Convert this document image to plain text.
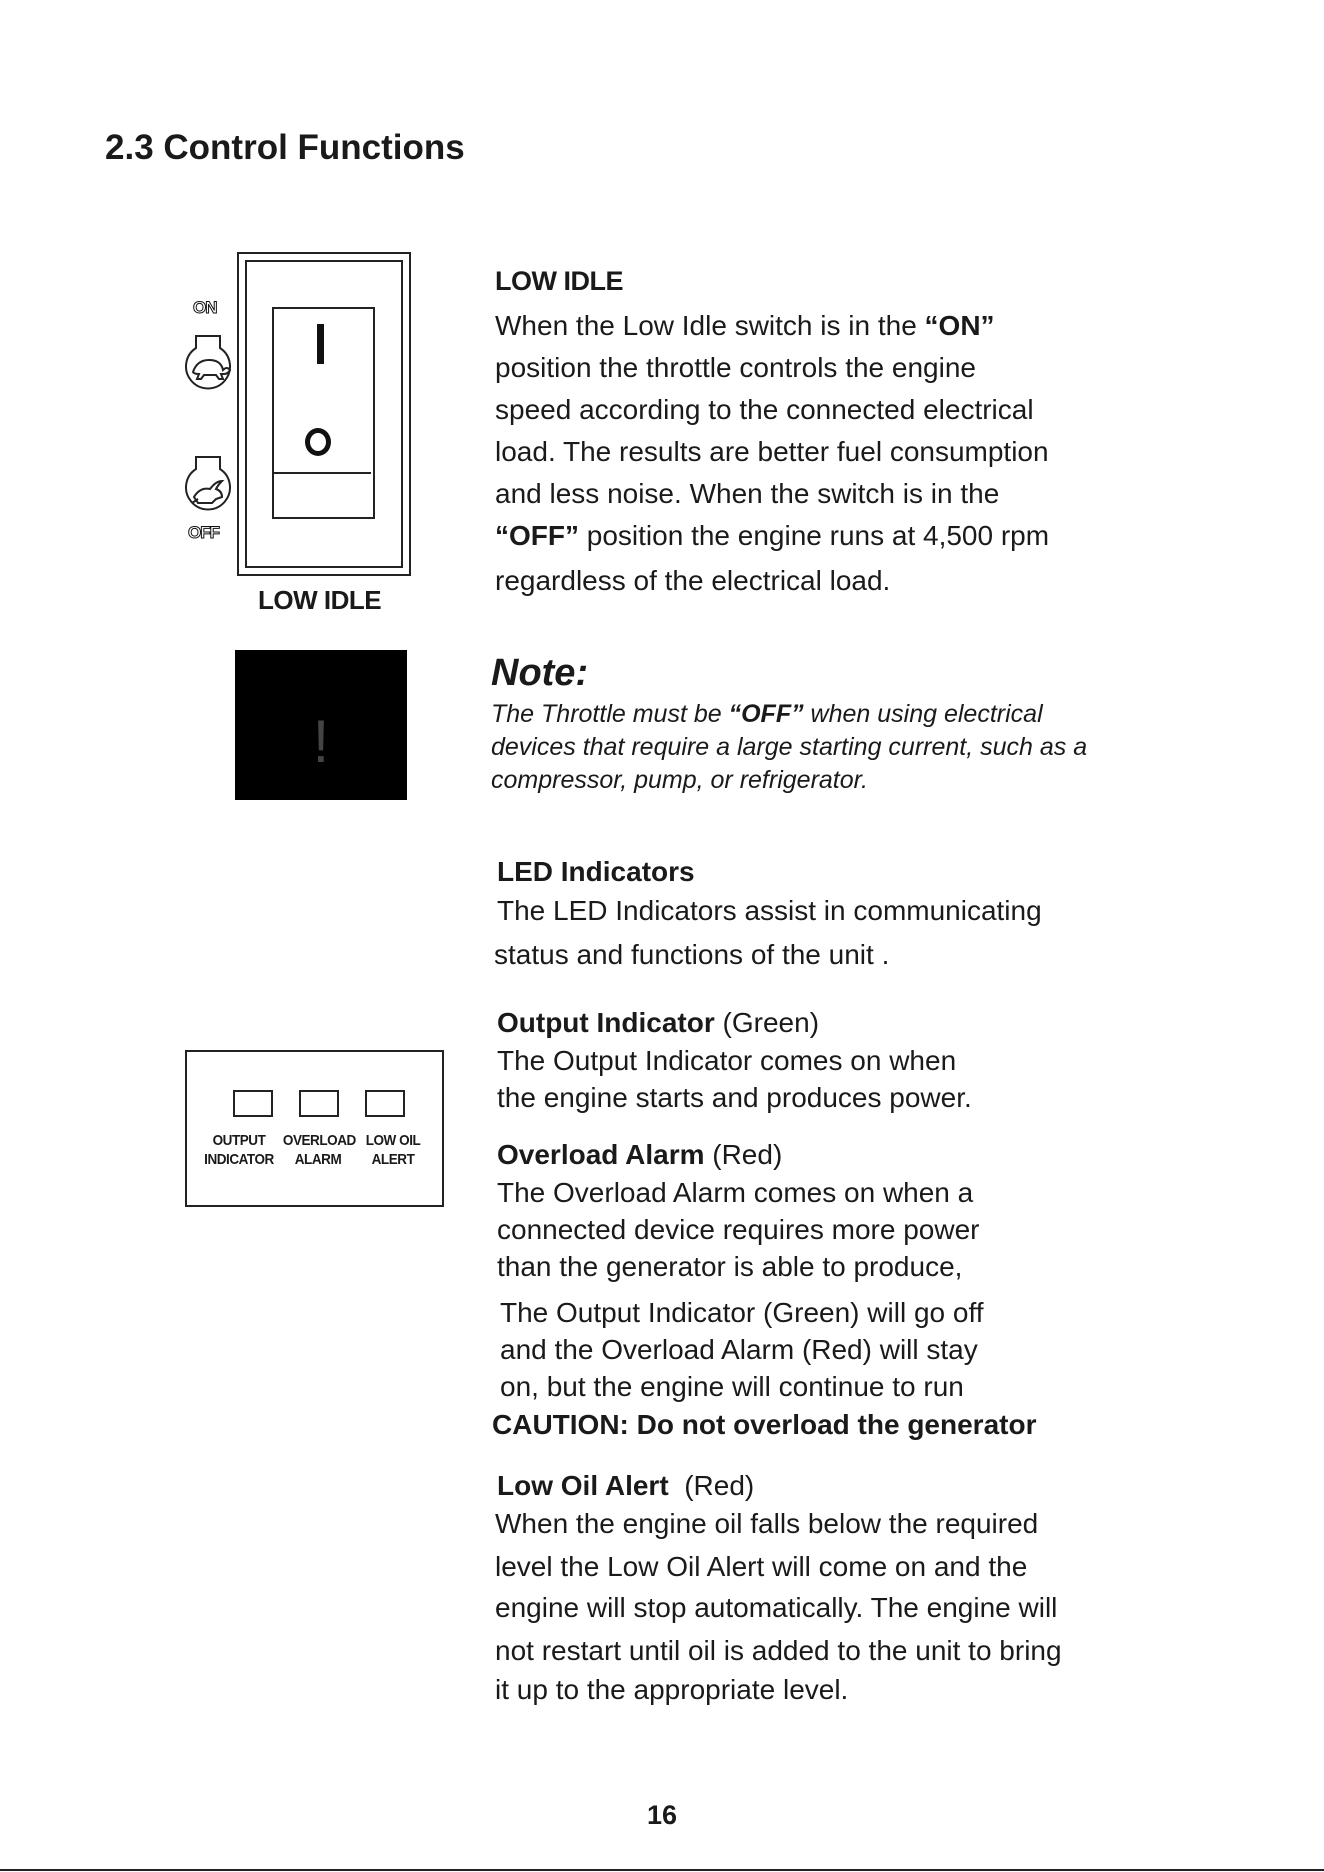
2.3 Control Functions
ON
OFF
LOW IDLE
!
OUTPUT
INDICATOR
OVERLOAD
ALARM
LOW OIL
ALERT
LOW IDLE
When the Low Idle switch is in the “ON”
position the throttle controls the engine
speed according to the connected electrical
load. The results are better fuel consumption
and less noise. When the switch is in the
“OFF” position the engine runs at 4,500 rpm
regardless of the electrical load.
Note:
The Throttle must be “OFF” when using electrical
devices that require a large starting current, such as a
compressor, pump, or refrigerator.
LED Indicators
The LED Indicators assist in communicating
status and functions of the unit .
Output Indicator (Green)
The Output Indicator comes on when
the engine starts and produces power.
Overload Alarm (Red)
The Overload Alarm comes on when a
connected device requires more power
than the generator is able to produce,
The Output Indicator (Green) will go off
and the Overload Alarm (Red) will stay
on, but the engine will continue to run
CAUTION: Do not overload the generator
Low Oil Alert  (Red)
When the engine oil falls below the required
level the Low Oil Alert will come on and the
engine will stop automatically. The engine will
not restart until oil is added to the unit to bring
it up to the appropriate level.
16
